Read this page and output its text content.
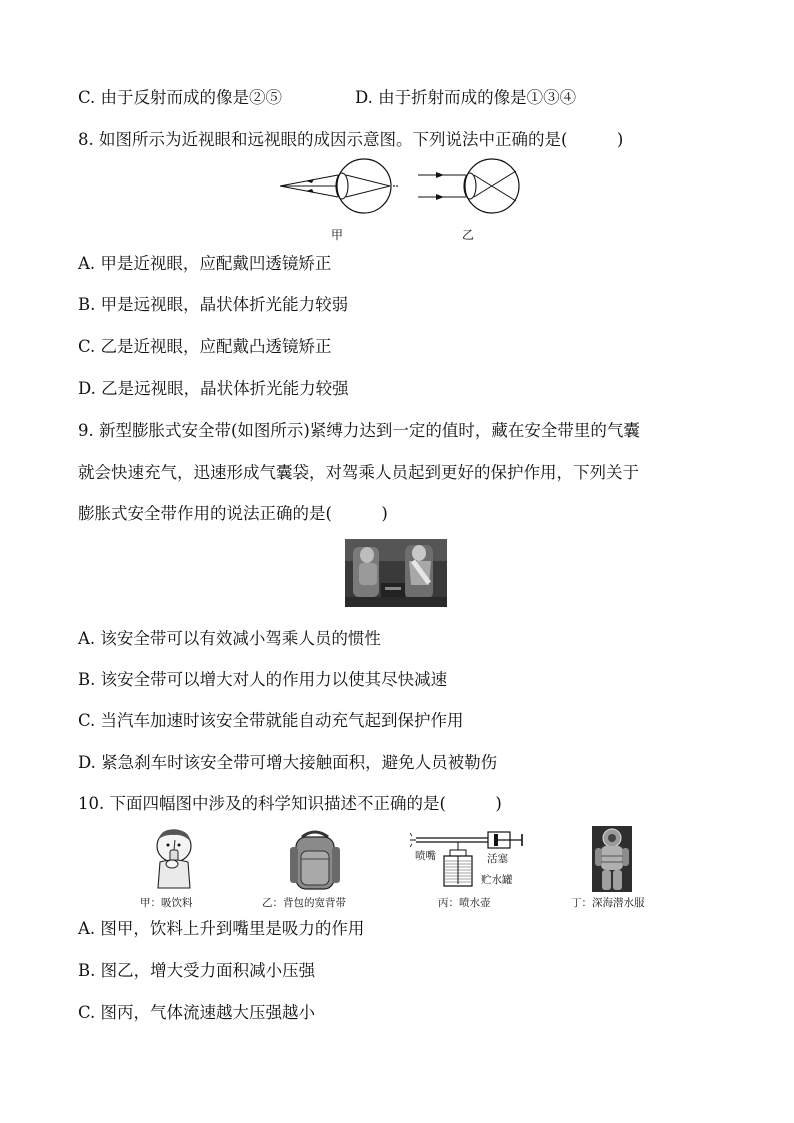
C. 由于反射而成的像是②⑤	D. 由于折射而成的像是①③④
8. 如图所示为近视眼和远视眼的成因示意图。下列说法中正确的是(　　　)
甲	乙
A. 甲是近视眼，应配戴凹透镜矫正
B. 甲是远视眼，晶状体折光能力较弱
C. 乙是近视眼，应配戴凸透镜矫正
D. 乙是远视眼，晶状体折光能力较强
9. 新型膨胀式安全带(如图所示)紧缚力达到一定的值时，藏在安全带里的气囊
就会快速充气，迅速形成气囊袋，对驾乘人员起到更好的保护作用，下列关于
膨胀式安全带作用的说法正确的是(　　　)
A. 该安全带可以有效减小驾乘人员的惯性
B. 该安全带可以增大对人的作用力以使其尽快减速
C. 当汽车加速时该安全带就能自动充气起到保护作用
D. 紧急刹车时该安全带可增大接触面积，避免人员被勒伤
10. 下面四幅图中涉及的科学知识描述不正确的是(　　　)
甲：吸饮料	乙：背包的宽背带
喷嘴	活塞
贮水罐
丙：喷水壶	丁：深海潜水服
A. 图甲，饮料上升到嘴里是吸力的作用
B. 图乙，增大受力面积减小压强
C. 图丙，气体流速越大压强越小
